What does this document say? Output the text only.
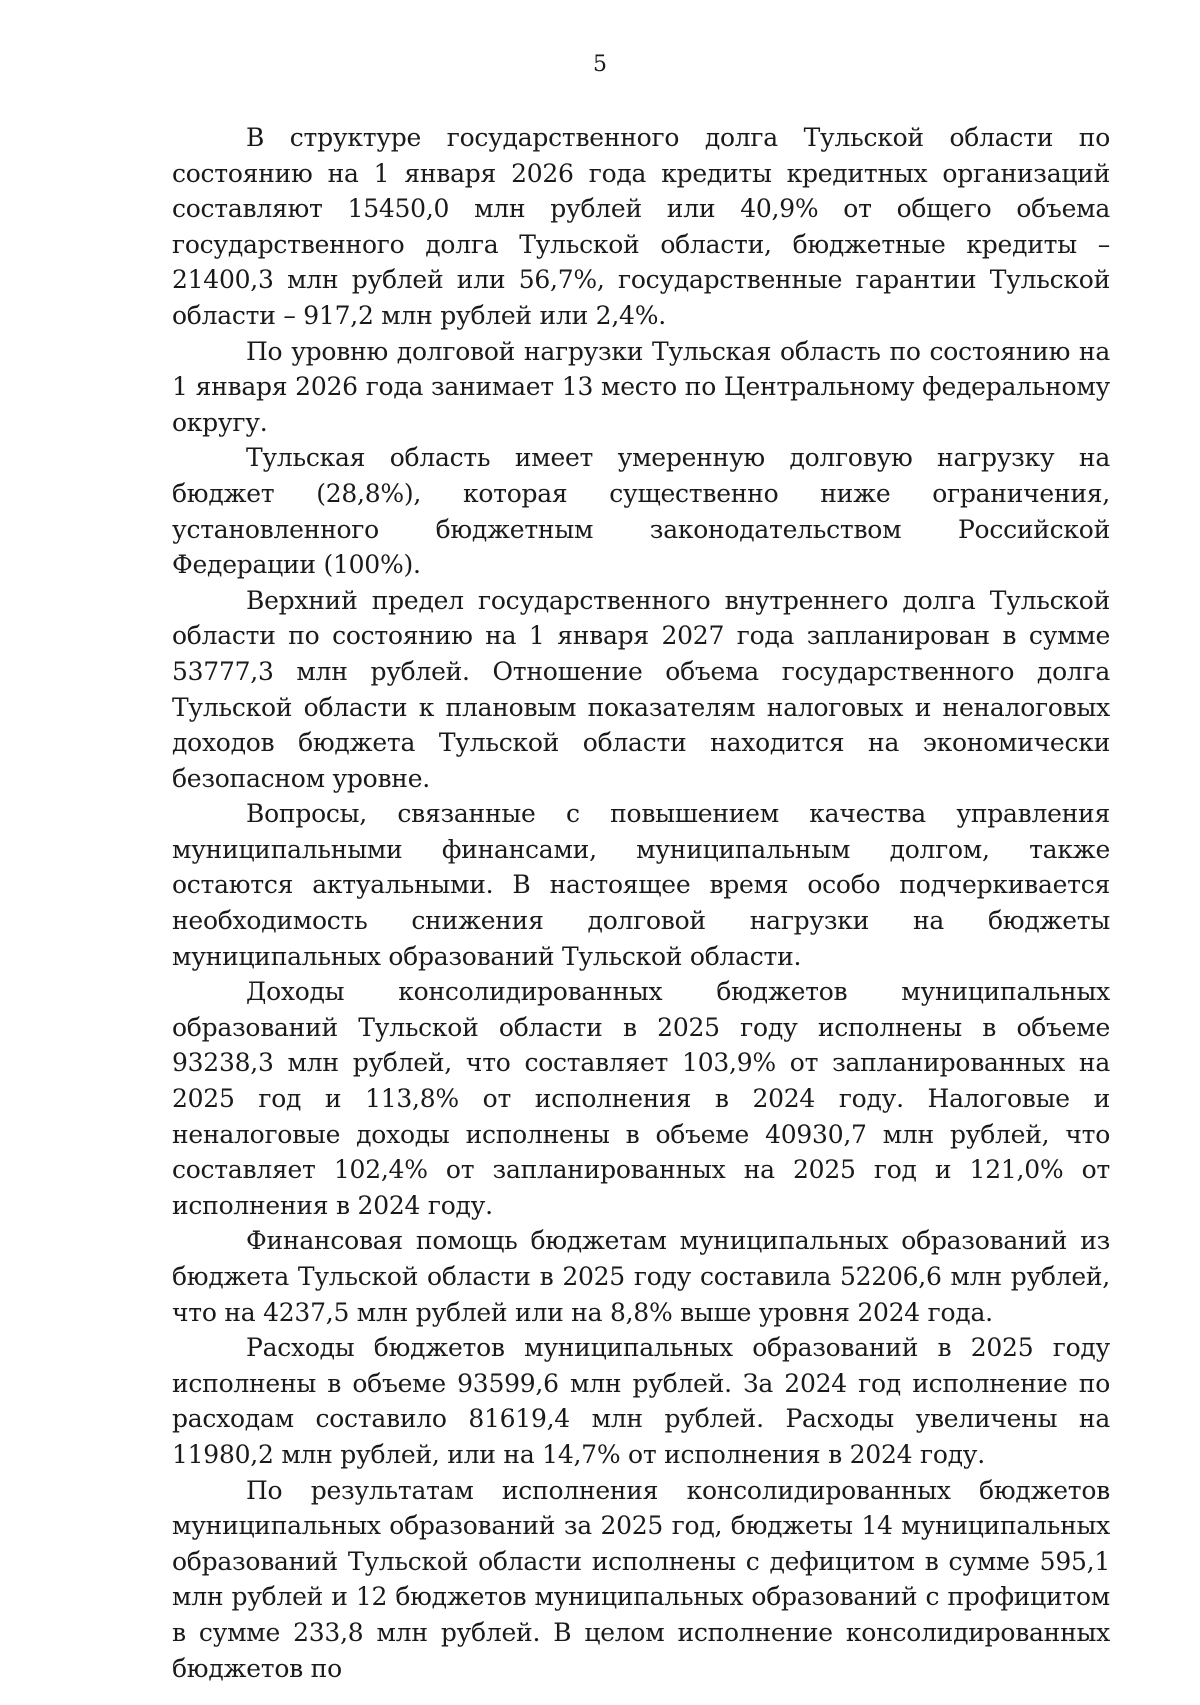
5

В структуре государственного долга Тульской области по состоянию на 1 января 2026 года кредиты кредитных организаций составляют 15450,0 млн рублей или 40,9% от общего объема государственного долга Тульской области, бюджетные кредиты – 21400,3 млн рублей или 56,7%, государственные гарантии Тульской области – 917,2 млн рублей или 2,4%.

По уровню долговой нагрузки Тульская область по состоянию на 1 января 2026 года занимает 13 место по Центральному федеральному округу.

Тульская область имеет умеренную долговую нагрузку на бюджет (28,8%), которая существенно ниже ограничения, установленного бюджетным законодательством Российской Федерации (100%).

Верхний предел государственного внутреннего долга Тульской области по состоянию на 1 января 2027 года запланирован в сумме 53777,3 млн рублей. Отношение объема государственного долга Тульской области к плановым показателям налоговых и неналоговых доходов бюджета Тульской области находится на экономически безопасном уровне.

Вопросы, связанные с повышением качества управления муниципальными финансами, муниципальным долгом, также остаются актуальными. В настоящее время особо подчеркивается необходимость снижения долговой нагрузки на бюджеты муниципальных образований Тульской области.

Доходы консолидированных бюджетов муниципальных образований Тульской области в 2025 году исполнены в объеме 93238,3 млн рублей, что составляет 103,9% от запланированных на 2025 год и 113,8% от исполнения в 2024 году. Налоговые и неналоговые доходы исполнены в объеме 40930,7 млн рублей, что составляет 102,4% от запланированных на 2025 год и 121,0% от исполнения в 2024 году.

Финансовая помощь бюджетам муниципальных образований из бюджета Тульской области в 2025 году составила 52206,6 млн рублей, что на 4237,5 млн рублей или на 8,8% выше уровня 2024 года.

Расходы бюджетов муниципальных образований в 2025 году исполнены в объеме 93599,6 млн рублей. За 2024 год исполнение по расходам составило 81619,4 млн рублей. Расходы увеличены на 11980,2 млн рублей, или на 14,7% от исполнения в 2024 году.

По результатам исполнения консолидированных бюджетов муниципальных образований за 2025 год, бюджеты 14 муниципальных образований Тульской области исполнены с дефицитом в сумме 595,1 млн рублей и 12 бюджетов муниципальных образований с профицитом в сумме 233,8 млн рублей. В целом исполнение консолидированных бюджетов по
